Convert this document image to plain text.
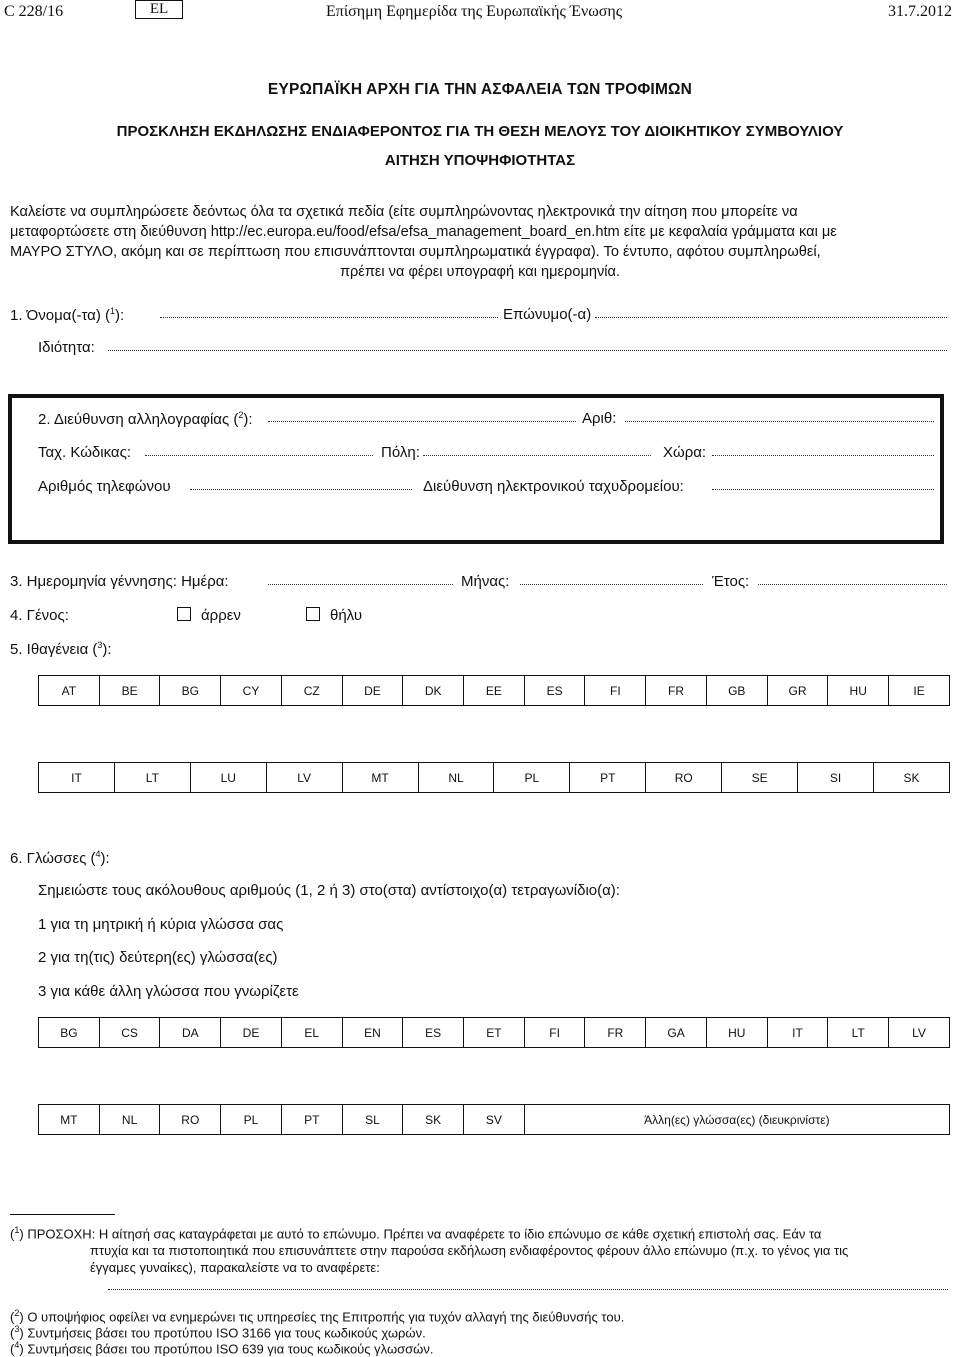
C 228/16	EL	Επίσημη Εφημερίδα της Ευρωπαϊκής Ένωσης	31.7.2012
ΕΥΡΩΠΑΪΚΗ ΑΡΧΗ ΓΙΑ ΤΗΝ ΑΣΦΑΛΕΙΑ ΤΩΝ ΤΡΟΦΙΜΩΝ
ΠΡΟΣΚΛΗΣΗ ΕΚΔΗΛΩΣΗΣ ΕΝΔΙΑΦΕΡΟΝΤΟΣ ΓΙΑ ΤΗ ΘΕΣΗ ΜΕΛΟΥΣ ΤΟΥ ΔΙΟΙΚΗΤΙΚΟΥ ΣΥΜΒΟΥΛΙΟΥ
ΑΙΤΗΣΗ ΥΠΟΨΗΦΙΟΤΗΤΑΣ
Καλείστε να συμπληρώσετε δεόντως όλα τα σχετικά πεδία (είτε συμπληρώνοντας ηλεκτρονικά την αίτηση που μπορείτε να
μεταφορτώσετε στη διεύθυνση http://ec.europa.eu/food/efsa/efsa_management_board_en.htm είτε με κεφαλαία γράμματα και με
ΜΑΥΡΟ ΣΤΥΛΟ, ακόμη και σε περίπτωση που επισυνάπτονται συμπληρωματικά έγγραφα). Το έντυπο, αφότου συμπληρωθεί,
πρέπει να φέρει υπογραφή και ημερομηνία.
1. Όνομα(-τα) ($^1$):	Επώνυμο(-α)
Ιδιότητα:
2. Διεύθυνση αλληλογραφίας ($^2$):	Αριθ:
Ταχ. Κώδικας:	Πόλη:	Χώρα:
Αριθμός τηλεφώνου	Διεύθυνση ηλεκτρονικού ταχυδρομείου:
3. Ημερομηνία γέννησης: Ημέρα:	Μήνας:	Έτος:
4. Γένος:	άρρεν	θήλυ
5. Ιθαγένεια ($^3$):
AT	BE	BG	CY	CZ	DE	DK	EE	ES	FI	FR	GB	GR	HU	IE
IT	LT	LU	LV	MT	NL	PL	PT	RO	SE	SI	SK
6. Γλώσσες ($^4$):
Σημειώστε τους ακόλουθους αριθμούς (1, 2 ή 3) στο(στα) αντίστοιχο(α) τετραγωνίδιο(α):
1 για τη μητρική ή κύρια γλώσσα σας
2 για τη(τις) δεύτερη(ες) γλώσσα(ες)
3 για κάθε άλλη γλώσσα που γνωρίζετε
BG	CS	DA	DE	EL	EN	ES	ET	FI	FR	GA	HU	IT	LT	LV
MT	NL	RO	PL	PT	SL	SK	SV	Άλλη(ες) γλώσσα(ες) (διευκρινίστε)
($^1$) ΠΡΟΣΟΧΗ: Η αίτησή σας καταγράφεται με αυτό το επώνυμο. Πρέπει να αναφέρετε το ίδιο επώνυμο σε κάθε σχετική επιστολή σας. Εάν τα
πτυχία και τα πιστοποιητικά που επισυνάπτετε στην παρούσα εκδήλωση ενδιαφέροντος φέρουν άλλο επώνυμο (π.χ. το γένος για τις
έγγαμες γυναίκες), παρακαλείστε να το αναφέρετε:
($^2$) Ο υποψήφιος οφείλει να ενημερώνει τις υπηρεσίες της Επιτροπής για τυχόν αλλαγή της διεύθυνσής του.
($^3$) Συντμήσεις βάσει του προτύπου ISO 3166 για τους κωδικούς χωρών.
($^4$) Συντμήσεις βάσει του προτύπου ISO 639 για τους κωδικούς γλωσσών.
